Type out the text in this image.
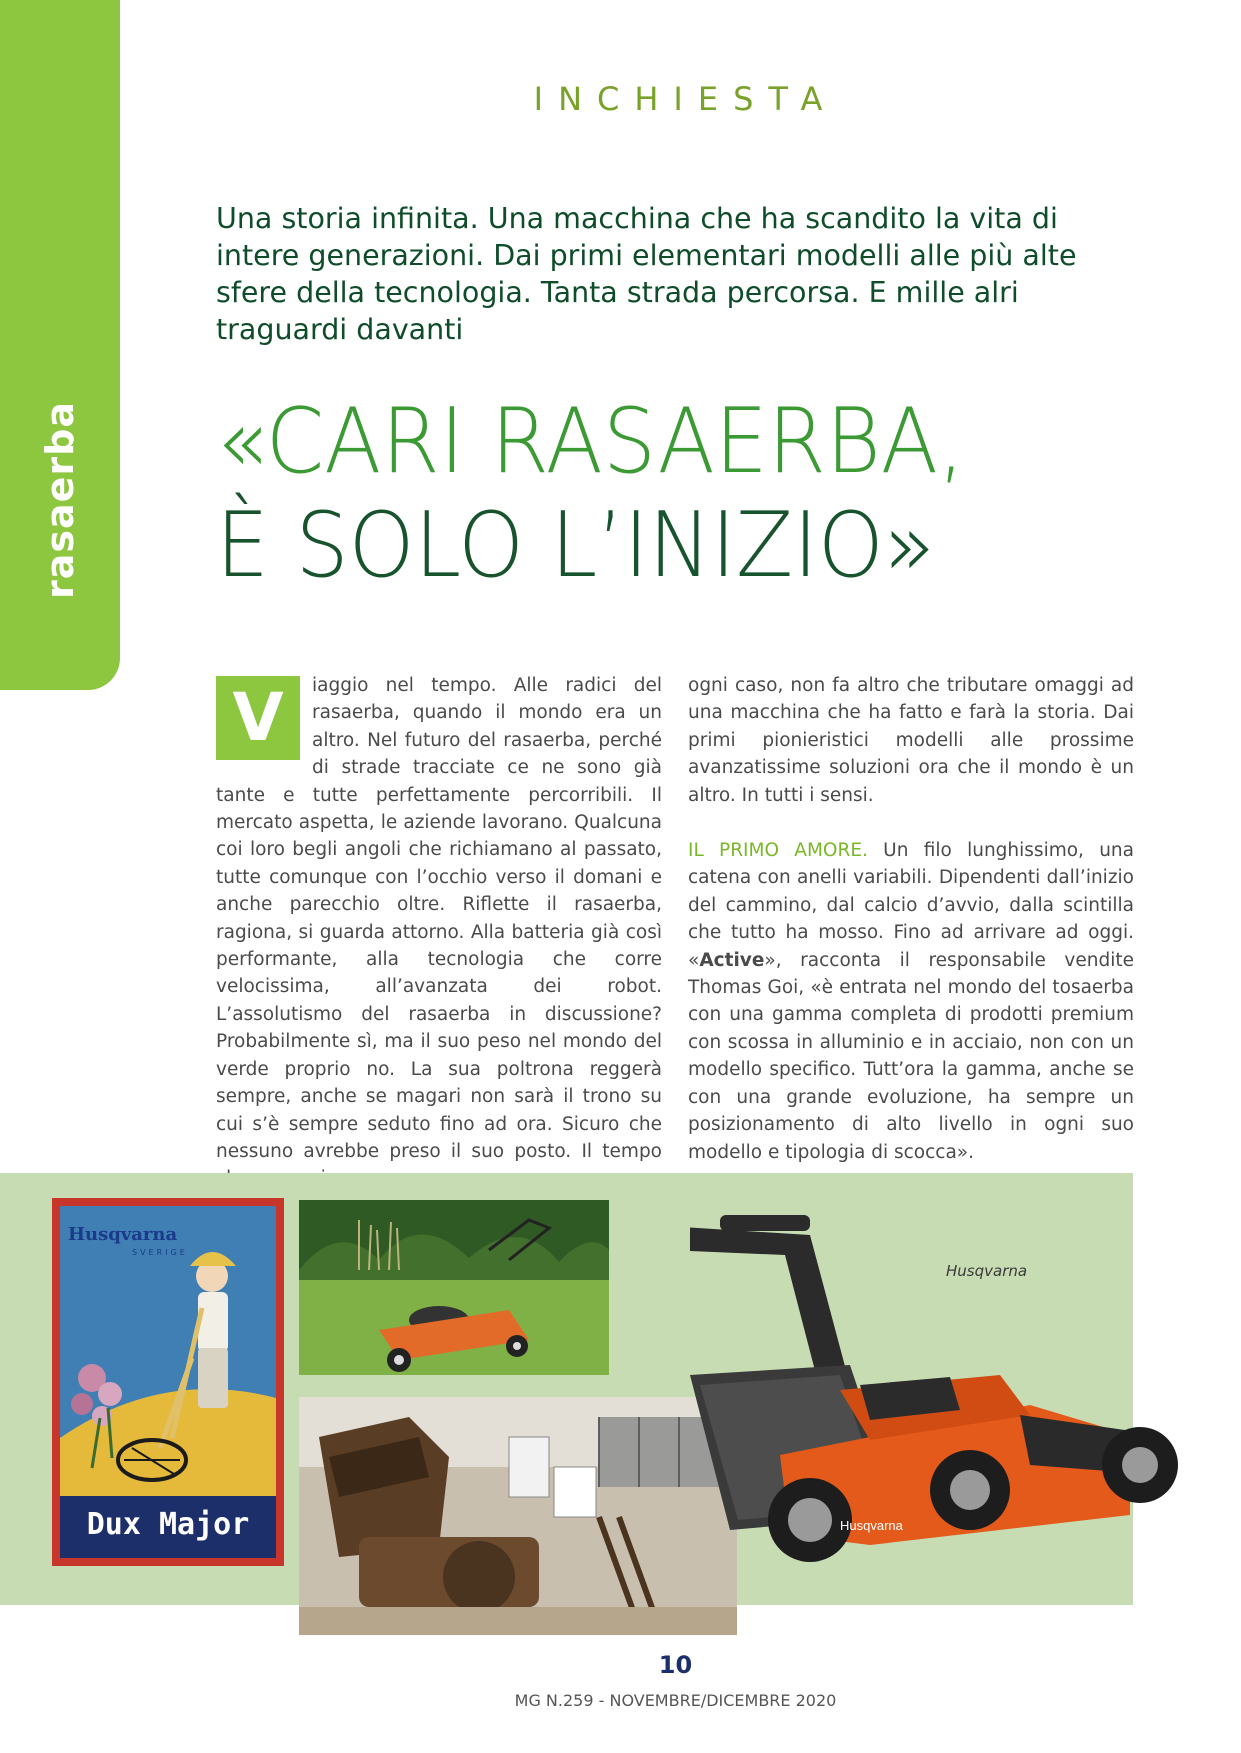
rasaerba
INCHIESTA
Una storia infinita. Una macchina che ha scandito la vita di intere generazioni. Dai primi elementari modelli alle più alte sfere della tecnologia. Tanta strada percorsa. E mille alri traguardi davanti
«CARI RASAERBA,
È SOLO L’INIZIO»

V	iaggio nel tempo. Alle radici del rasaerba, quando il mondo era un altro. Nel futuro del rasaerba, perché di strade tracciate ce ne sono già tante e tutte perfettamente percorribili. Il mercato aspetta, le aziende lavorano. Qualcuna coi loro begli angoli che richiamano al passato, tutte comunque con l’occhio verso il domani e anche parecchio oltre. Riflette il rasaerba, ragiona, si guarda attorno. Alla batteria già così performante, alla tecnologia che corre velocissima, all’avanzata dei robot. L’assolutismo del rasaerba in discussione? Probabilmente sì, ma il suo peso nel mondo del verde proprio no. La sua poltrona reggerà sempre, anche se magari non sarà il trono su cui s’è sempre seduto fino ad ora. Sicuro che nessuno avrebbe preso il suo posto. Il tempo

ogni caso, non fa altro che tributare omaggi ad una macchina che ha fatto e farà la storia. Dai primi pionieristici modelli alle prossime avanzatissime soluzioni ora che il mondo è un altro. In tutti i sensi.

IL PRIMO AMORE. Un filo lunghissimo, una catena con anelli variabili. Dipendenti dall’inizio del cammino, dal calcio d’avvio, dalla scintilla che tutto ha mosso. Fino ad arrivare ad oggi. «Active», racconta il responsabile vendite Thomas Goi, «è entrata nel mondo del tosaerba con una gamma completa di prodotti premium con scossa in alluminio e in acciaio, non con un modello specifico. Tutt’ora la gamma, anche se con una grande evoluzione, ha sempre un posizionamento di alto livello in ogni suo modello e tipologia di scocca».

Husqvarna
SVERIGE
Dux Major	Husqvarna
Husqvarna
10
MG N.259 - NOVEMBRE/DICEMBRE 2020
